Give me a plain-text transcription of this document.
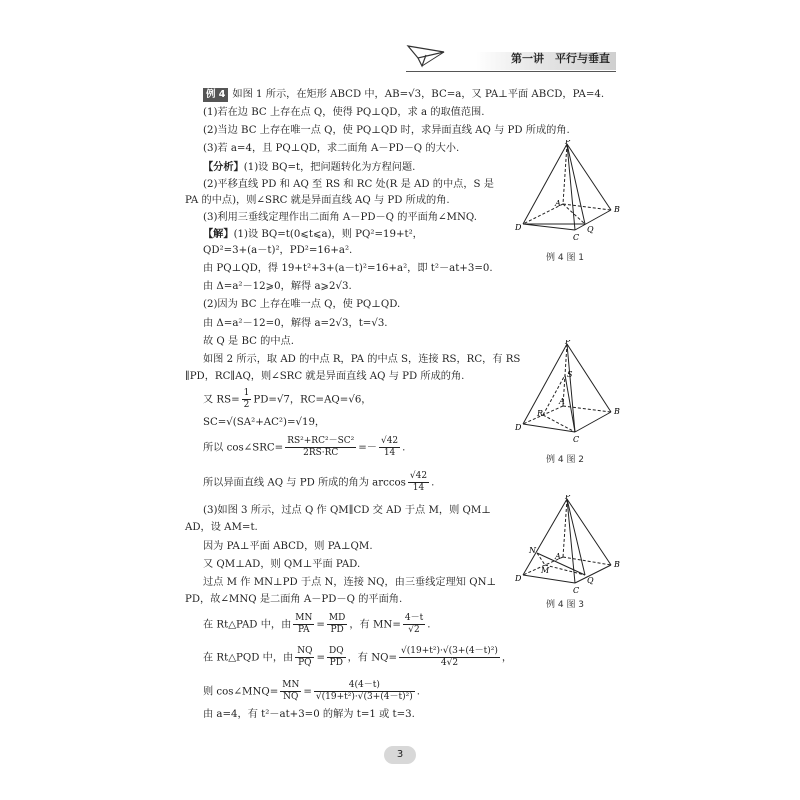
第一讲　平行与垂直
例 4 如图 1 所示，在矩形 ABCD 中，AB=√3，BC=a，又 PA⊥平面 ABCD，PA=4.
(1)若在边 BC 上存在点 Q，使得 PQ⊥QD，求 a 的取值范围.
(2)当边 BC 上存在唯一点 Q，使 PQ⊥QD 时，求异面直线 AQ 与 PD 所成的角.
(3)若 a=4，且 PQ⊥QD，求二面角 A－PD－Q 的大小.
【分析】(1)设 BQ=t，把问题转化为方程问题.
(2)平移直线 PD 和 AQ 至 RS 和 RC 处(R 是 AD 的中点，S 是
PA 的中点)，则∠SRC 就是异面直线 AQ 与 PD 所成的角.
(3)利用三垂线定理作出二面角 A－PD－Q 的平面角∠MNQ.
【解】(1)设 BQ=t(0⩽t⩽a)，则 PQ²=19+t²，
QD²=3+(a－t)²，PD²=16+a².
由 PQ⊥QD，得 19+t²+3+(a－t)²=16+a²，即 t²－at+3=0.
由 Δ=a²－12⩾0，解得 a⩾2√3.
(2)因为 BC 上存在唯一点 Q，使 PQ⊥QD.
由 Δ=a²－12=0，解得 a=2√3，t=√3.
故 Q 是 BC 的中点.
如图 2 所示，取 AD 的中点 R，PA 的中点 S，连接 RS，RC，有 RS
∥PD，RC∥AQ，则∠SRC 就是异面直线 AQ 与 PD 所成的角.
又 $RS= \frac{1}{2} PD=√7$，RC=AQ=√6，
SC=√(SA²+AC²)=√19，
所以 cos∠SRC= $\frac{\text{RS²+RC²－SC²}}{2RS\cdot RC} =- \frac{√42}{14}$ .
所以异面直线 AQ 与 PD 所成的角为 $\arccos \frac{√42}{14}$ .
(3)如图 3 所示，过点 Q 作 QM∥CD 交 AD 于点 M，则 QM⊥
AD，设 AM=t.
因为 PA⊥平面 ABCD，则 PA⊥QM.
又 QM⊥AD，则 QM⊥平面 PAD.
过点 M 作 MN⊥PD 于点 N，连接 NQ，由三垂线定理知 QN⊥
PD，故∠MNQ 是二面角 A－PD－Q 的平面角.
在 Rt△PAD 中，由 $\frac{MN}{PA} = \frac{MD}{PD}$ ，有 $MN= \frac{4-t}{√2}$ .
在 Rt△PQD 中，由 $\frac{NQ}{PQ} = \frac{DQ}{PD}$ ，有 $NQ= \frac{\text{√(19+t²)·√(3+(4－t)²)}}{4√2}$ ，
则 cos∠MNQ= $\frac{MN}{NQ} = \frac{4(4-t)}{\text{√(19+t²)·√(3+(4－t)²)}}$ .
由 a=4，有 t²－at+3=0 的解为 t=1 或 t=3.
P
A
B
C
D	Q
例 4 图 1
P
S
A
B
C
D
R
例 4 图 2
P
N
M
A
B
C
D	Q
例 4 图 3
3
